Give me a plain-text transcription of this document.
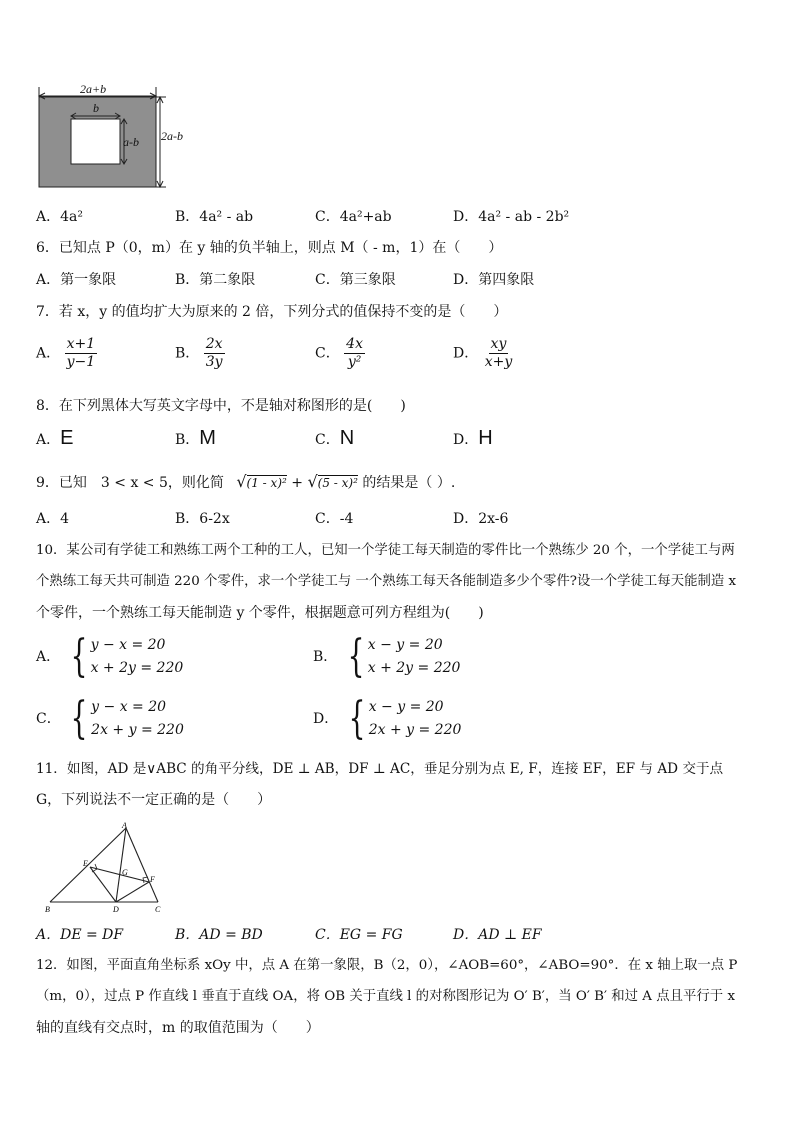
2a+b
b
a-b 2a-b
A．4a²	B．4a² - ab	C．4a²+ab	D．4a² - ab - 2b²
6．已知点 P（0，m）在 y 轴的负半轴上，则点 M（ - m，1）在（　　）
A．第一象限	B．第二象限	C．第三象限	D．第四象限
7．若 x，y 的值均扩大为原来的 2 倍，下列分式的值保持不变的是（　　）
A． $\frac{x+1}{y-1}$	B． $\frac{2x}{3y}$	C． $\frac{4x}{\text{y²}}$	D． $\frac{xy}{x+y}$
8．在下列黑体大写英文字母中，不是轴对称图形的是(　　)
A．E	B．M	C．N	D．H
9．已知　3 < x < 5，则化简 √(1 - x)² + √(5 - x)² 的结果是（ ）.
A．4	B．6-2x	C．-4	D．2x-6
10．某公司有学徒工和熟练工两个工种的工人，已知一个学徒工每天制造的零件比一个熟练少 20 个，一个学徒工与两
个熟练工每天共可制造 220 个零件，求一个学徒工与 一个熟练工每天各能制造多少个零件?设一个学徒工每天能制造 x
个零件，一个熟练工每天能制造 y 个零件，根据题意可列方程组为(　　)
A． { y − x = 20
x + 2y = 220
B． { x − y = 20
x + 2y = 220
C． { y − x = 20
2x + y = 220
D． { x − y = 20
2x + y = 220
11．如图，AD 是∨ABC 的角平分线，DE ⊥ AB，DF ⊥ AC，垂足分别为点 E, F，连接 EF，EF 与 AD 交于点
G，下列说法不一定正确的是（　　）
A
B	C
D
E
F
G
A．DE = DF	B．AD = BD	C．EG = FG	D．AD ⊥ EF
12．如图，平面直角坐标系 xOy 中，点 A 在第一象限，B（2，0），∠AOB=60°，∠ABO=90°．在 x 轴上取一点 P
（m，0），过点 P 作直线 l 垂直于直线 OA，将 OB 关于直线 l 的对称图形记为 O′ B′，当 O′ B′ 和过 A 点且平行于 x
轴的直线有交点时，m 的取值范围为（　　）
